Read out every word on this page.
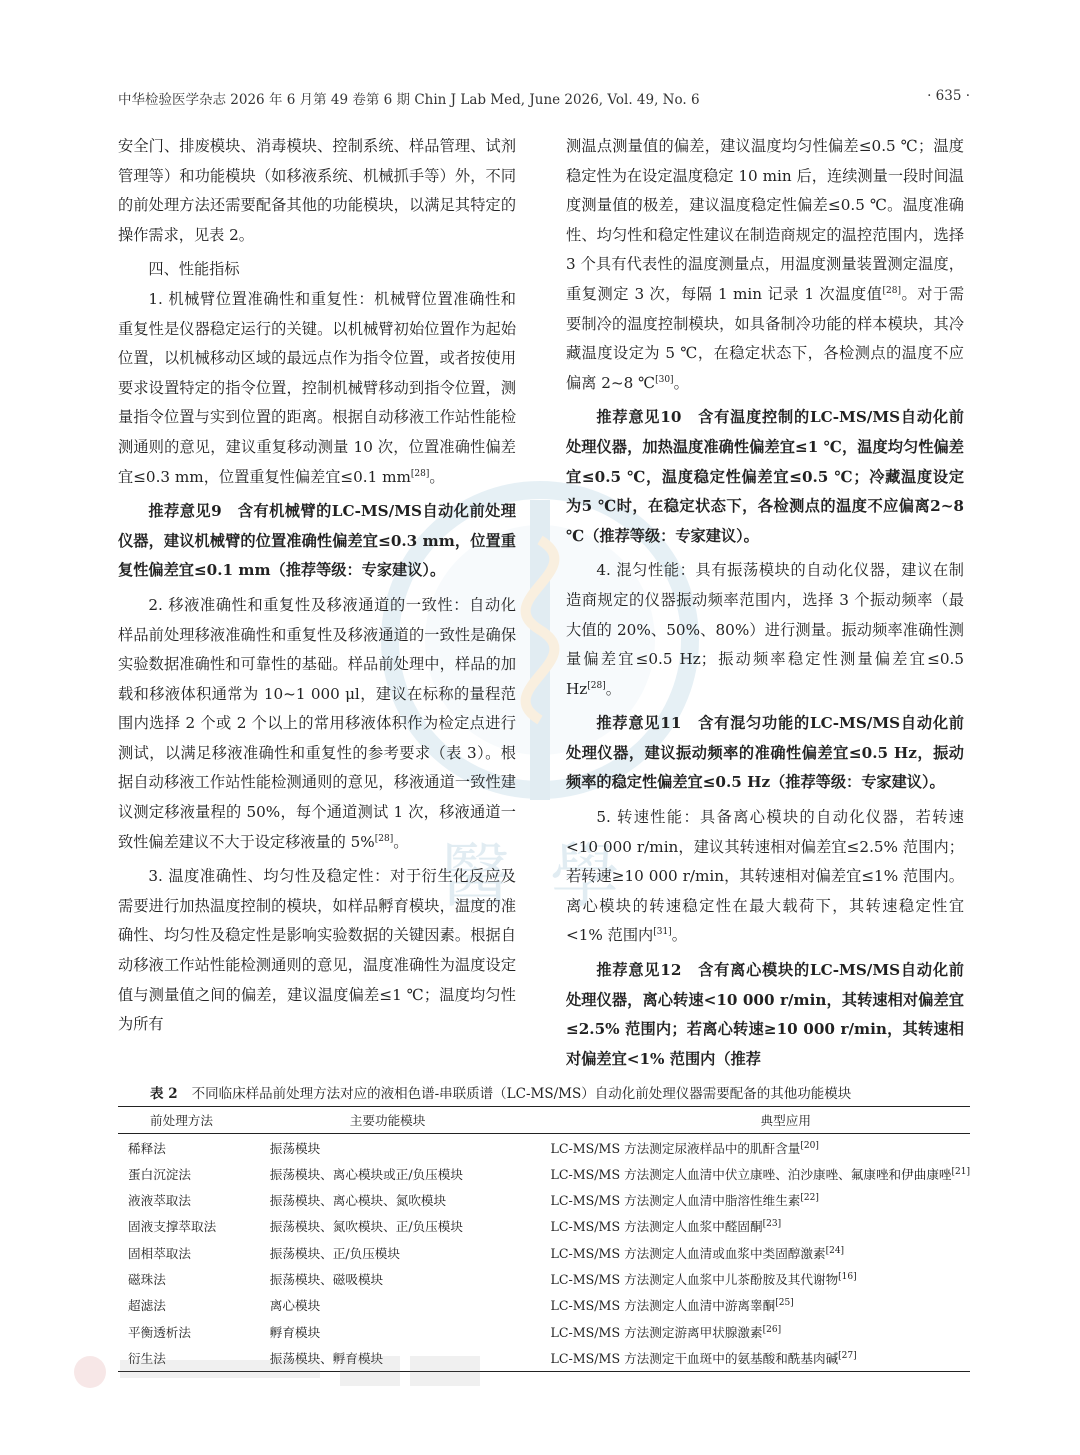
中华检验医学杂志 2026 年 6 月第 49 卷第 6 期 Chin J Lab Med, June 2026, Vol. 49, No. 6	· 635 ·
醫 學

安全门、排废模块、消毒模块、控制系统、样品管理、试剂管理等）和功能模块（如移液系统、机械抓手等）外，不同的前处理方法还需要配备其他的功能模块，以满足其特定的操作需求，见表 2。

四、性能指标

1. 机械臂位置准确性和重复性：机械臂位置准确性和重复性是仪器稳定运行的关键。以机械臂初始位置作为起始位置，以机械移动区域的最远点作为指令位置，或者按使用要求设置特定的指令位置，控制机械臂移动到指令位置，测量指令位置与实到位置的距离。根据自动移液工作站性能检测通则的意见，建议重复移动测量 10 次，位置准确性偏差宜≤0.3 mm，位置重复性偏差宜≤0.1 mm[28]。

推荐意见9　含有机械臂的LC-MS/MS自动化前处理仪器，建议机械臂的位置准确性偏差宜≤0.3 mm，位置重复性偏差宜≤0.1 mm（推荐等级：专家建议）。

2. 移液准确性和重复性及移液通道的一致性：自动化样品前处理移液准确性和重复性及移液通道的一致性是确保实验数据准确性和可靠性的基础。样品前处理中，样品的加载和移液体积通常为 10~1 000 μl，建议在标称的量程范围内选择 2 个或 2 个以上的常用移液体积作为检定点进行测试，以满足移液准确性和重复性的参考要求（表 3）。根据自动移液工作站性能检测通则的意见，移液通道一致性建议测定移液量程的 50%，每个通道测试 1 次，移液通道一致性偏差建议不大于设定移液量的 5%[28]。

3. 温度准确性、均匀性及稳定性：对于衍生化反应及需要进行加热温度控制的模块，如样品孵育模块，温度的准确性、均匀性及稳定性是影响实验数据的关键因素。根据自动移液工作站性能检测通则的意见，温度准确性为温度设定值与测量值之间的偏差，建议温度偏差≤1 ℃；温度均匀性为所有

测温点测量值的偏差，建议温度均匀性偏差≤0.5 ℃；温度稳定性为在设定温度稳定 10 min 后，连续测量一段时间温度测量值的极差，建议温度稳定性偏差≤0.5 ℃。温度准确性、均匀性和稳定性建议在制造商规定的温控范围内，选择 3 个具有代表性的温度测量点，用温度测量装置测定温度，重复测定 3 次，每隔 1 min 记录 1 次温度值[28]。对于需要制冷的温度控制模块，如具备制冷功能的样本模块，其冷藏温度设定为 5 ℃，在稳定状态下，各检测点的温度不应偏离 2~8 ℃[30]。

推荐意见10　含有温度控制的LC-MS/MS自动化前处理仪器，加热温度准确性偏差宜≤1 ℃，温度均匀性偏差宜≤0.5 ℃，温度稳定性偏差宜≤0.5 ℃；冷藏温度设定为5 ℃时，在稳定状态下，各检测点的温度不应偏离2~8 ℃（推荐等级：专家建议）。

4. 混匀性能：具有振荡模块的自动化仪器，建议在制造商规定的仪器振动频率范围内，选择 3 个振动频率（最大值的 20%、50%、80%）进行测量。振动频率准确性测量偏差宜≤0.5 Hz；振动频率稳定性测量偏差宜≤0.5 Hz[28]。

推荐意见11　含有混匀功能的LC-MS/MS自动化前处理仪器，建议振动频率的准确性偏差宜≤0.5 Hz，振动频率的稳定性偏差宜≤0.5 Hz（推荐等级：专家建议）。

5. 转速性能：具备离心模块的自动化仪器，若转速<10 000 r/min，建议其转速相对偏差宜≤2.5% 范围内；若转速≥10 000 r/min，其转速相对偏差宜≤1% 范围内。离心模块的转速稳定性在最大载荷下，其转速稳定性宜<1% 范围内[31]。

推荐意见12　含有离心模块的LC-MS/MS自动化前处理仪器，离心转速<10 000 r/min，其转速相对偏差宜≤2.5% 范围内；若离心转速≥10 000 r/min，其转速相对偏差宜<1% 范围内（推荐

表 2 不同临床样品前处理方法对应的液相色谱-串联质谱（LC-MS/MS）自动化前处理仪器需要配备的其他功能模块
前处理方法	主要功能模块	典型应用
稀释法	振荡模块	LC-MS/MS 方法测定尿液样品中的肌酐含量[20]
蛋白沉淀法	振荡模块、离心模块或正/负压模块	LC-MS/MS 方法测定人血清中伏立康唑、泊沙康唑、氟康唑和伊曲康唑[21]
液液萃取法	振荡模块、离心模块、氮吹模块	LC-MS/MS 方法测定人血清中脂溶性维生素[22]
固液支撑萃取法	振荡模块、氮吹模块、正/负压模块	LC-MS/MS 方法测定人血浆中醛固酮[23]
固相萃取法	振荡模块、正/负压模块	LC-MS/MS 方法测定人血清或血浆中类固醇激素[24]
磁珠法	振荡模块、磁吸模块	LC-MS/MS 方法测定人血浆中儿茶酚胺及其代谢物[16]
超滤法	离心模块	LC-MS/MS 方法测定人血清中游离睾酮[25]
平衡透析法	孵育模块	LC-MS/MS 方法测定游离甲状腺激素[26]
衍生法	振荡模块、孵育模块	LC-MS/MS 方法测定干血斑中的氨基酸和酰基肉碱[27]
